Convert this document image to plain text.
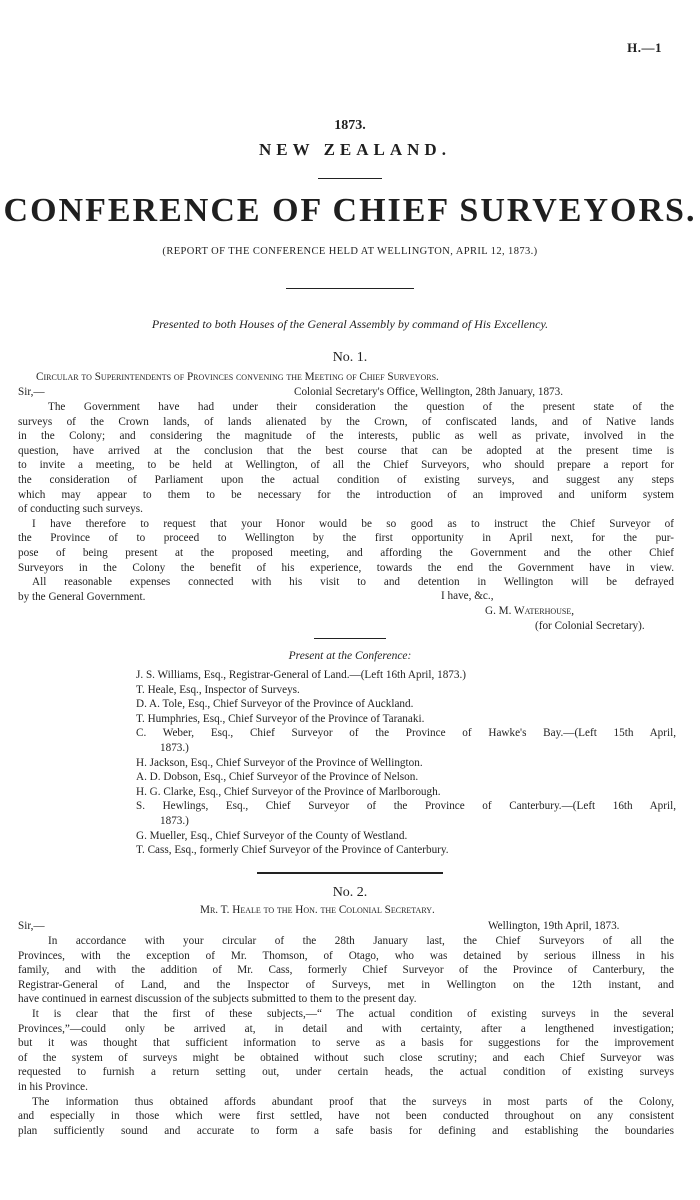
H.—1
1873.
NEW ZEALAND.
CONFERENCE OF CHIEF SURVEYORS.
(REPORT OF THE CONFERENCE HELD AT WELLINGTON, APRIL 12, 1873.)
Presented to both Houses of the General Assembly by command of His Excellency.
No. 1.
Circular to Superintendents of Provinces convening the Meeting of Chief Surveyors.
Sir,—	Colonial Secretary's Office, Wellington, 28th January, 1873.
The Government have had under their consideration the question of the present state of the
surveys of the Crown lands, of lands alienated by the Crown, of confiscated lands, and of Native lands
in the Colony; and considering the magnitude of the interests, public as well as private, involved in the
question, have arrived at the conclusion that the best course that can be adopted at the present time is
to invite a meeting, to be held at Wellington, of all the Chief Surveyors, who should prepare a report for
the consideration of Parliament upon the actual condition of existing surveys, and suggest any steps
which may appear to them to be necessary for the introduction of an improved and uniform system
of conducting such surveys.
I have therefore to request that your Honor would be so good as to instruct the Chief Surveyor of
the Province of to proceed to Wellington by the first opportunity in April next, for the pur-
pose of being present at the proposed meeting, and affording the Government and the other Chief
Surveyors in the Colony the benefit of his experience, towards the end the Government have in view.
All reasonable expenses connected with his visit to and detention in Wellington will be defrayed
by the General Government.	I have, &c.,
G. M. Waterhouse,
(for Colonial Secretary).
Present at the Conference:
J. S. Williams, Esq., Registrar-General of Land.—(Left 16th April, 1873.)
T. Heale, Esq., Inspector of Surveys.
D. A. Tole, Esq., Chief Surveyor of the Province of Auckland.
T. Humphries, Esq., Chief Surveyor of the Province of Taranaki.
C. Weber, Esq., Chief Surveyor of the Province of Hawke's Bay.—(Left 15th April,
1873.)
H. Jackson, Esq., Chief Surveyor of the Province of Wellington.
A. D. Dobson, Esq., Chief Surveyor of the Province of Nelson.
H. G. Clarke, Esq., Chief Surveyor of the Province of Marlborough.
S. Hewlings, Esq., Chief Surveyor of the Province of Canterbury.—(Left 16th April,
1873.)
G. Mueller, Esq., Chief Surveyor of the County of Westland.
T. Cass, Esq., formerly Chief Surveyor of the Province of Canterbury.
No. 2.
Mr. T. Heale to the Hon. the Colonial Secretary.
Sir,—	Wellington, 19th April, 1873.
In accordance with your circular of the 28th January last, the Chief Surveyors of all the
Provinces, with the exception of Mr. Thomson, of Otago, who was detained by serious illness in his
family, and with the addition of Mr. Cass, formerly Chief Surveyor of the Province of Canterbury, the
Registrar-General of Land, and the Inspector of Surveys, met in Wellington on the 12th instant, and
have continued in earnest discussion of the subjects submitted to them to the present day.
It is clear that the first of these subjects,—“ The actual condition of existing surveys in the several
Provinces,”—could only be arrived at, in detail and with certainty, after a lengthened investigation;
but it was thought that sufficient information to serve as a basis for suggestions for the improvement
of the system of surveys might be obtained without such close scrutiny; and each Chief Surveyor was
requested to furnish a return setting out, under certain heads, the actual condition of existing surveys
in his Province.
The information thus obtained affords abundant proof that the surveys in most parts of the Colony,
and especially in those which were first settled, have not been conducted throughout on any consistent
plan sufficiently sound and accurate to form a safe basis for defining and establishing the boundaries
